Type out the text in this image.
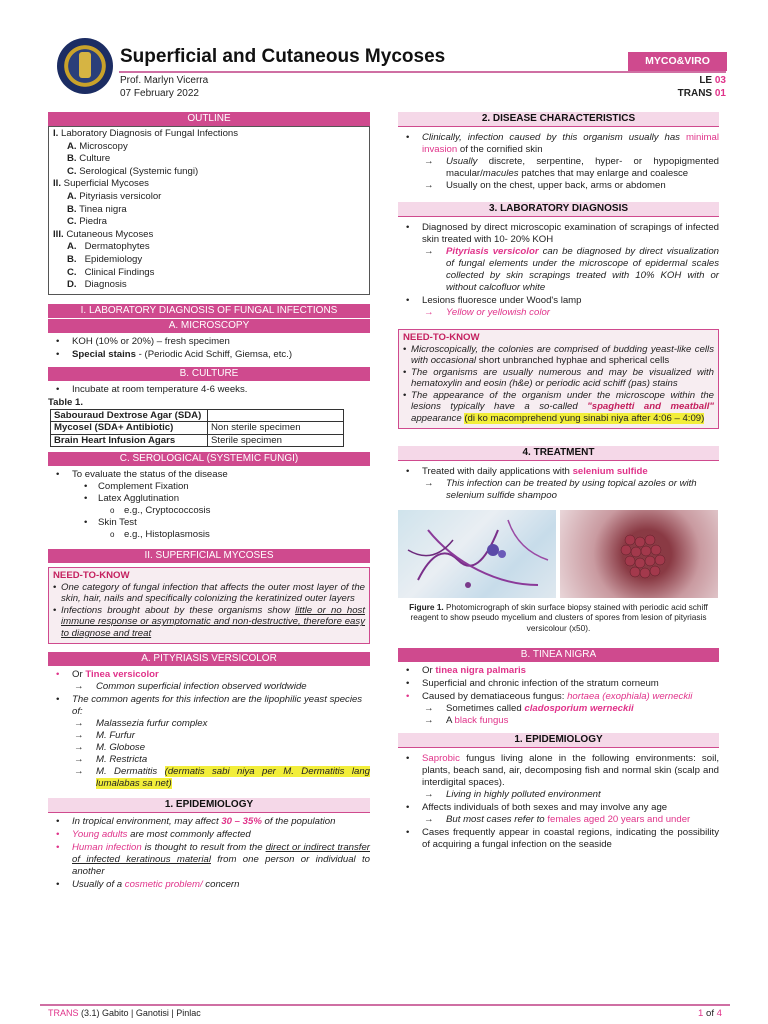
Superficial and Cutaneous Mycoses
Prof. Marlyn Vicerra
07 February 2022
MYCO&VIRO
LE 03
TRANS 01
OUTLINE
I. Laboratory Diagnosis of Fungal Infections
A. Microscopy
B. Culture
C. Serological (Systemic fungi)
II. Superficial Mycoses
A. Pityriasis versicolor
B. Tinea nigra
C. Piedra
III. Cutaneous Mycoses
A. Dermatophytes
B. Epidemiology
C. Clinical Findings
D. Diagnosis
I. LABORATORY DIAGNOSIS OF FUNGAL INFECTIONS
A. MICROSCOPY
• KOH (10% or 20%) – fresh specimen
• Special stains - (Periodic Acid Schiff, Giemsa, etc.)
B. CULTURE
• Incubate at room temperature 4-6 weeks.
Table 1.
Sabouraud Dextrose Agar (SDA)	
Mycosel (SDA+ Antibiotic)	Non sterile specimen
Brain Heart Infusion Agars	Sterile specimen
C. SEROLOGICAL (SYSTEMIC FUNGI)
• To evaluate the status of the disease
• Complement Fixation
• Latex Agglutination
o e.g., Cryptococcosis
• Skin Test
o e.g., Histoplasmosis
II. SUPERFICIAL MYCOSES
NEED-TO-KNOW
• One category of fungal infection that affects the outer most layer of the skin, hair, nails and specifically colonizing the keratinized outer layers
• Infections brought about by these organisms show little or no host immune response or asymptomatic and non-destructive, therefore easy to diagnose and treat
A. PITYRIASIS VERSICOLOR
• Or Tinea versicolor
→ Common superficial infection observed worldwide
• The common agents for this infection are the lipophilic yeast species of:
→ Malassezia furfur complex
→ M. Furfur
→ M. Globose
→ M. Restricta
→ M. Dermatitis (dermatis sabi niya per M. Dermatitis lang lumalabas sa net)
1. EPIDEMIOLOGY
• In tropical environment, may affect 30 – 35% of the population
• Young adults are most commonly affected
• Human infection is thought to result from the direct or indirect transfer of infected keratinous material from one person or individual to another
• Usually of a cosmetic problem/ concern
2. DISEASE CHARACTERISTICS
• Clinically, infection caused by this organism usually has minimal invasion of the cornified skin
→ Usually discrete, serpentine, hyper- or hypopigmented macular/macules patches that may enlarge and coalesce
→ Usually on the chest, upper back, arms or abdomen
3. LABORATORY DIAGNOSIS
• Diagnosed by direct microscopic examination of scrapings of infected skin treated with 10- 20% KOH
→ Pityriasis versicolor can be diagnosed by direct visualization of fungal elements under the microscope of epidermal scales collected by skin scrapings treated with 10% KOH with or without calcofluor white
• Lesions fluoresce under Wood's lamp
→ Yellow or yellowish color
NEED-TO-KNOW
• Microscopically, the colonies are comprised of budding yeast-like cells with occasional short unbranched hyphae and spherical cells
• The organisms are usually numerous and may be visualized with hematoxylin and eosin (h&e) or periodic acid schiff (pas) stains
• The appearance of the organism under the microscope within the lesions typically have a so-called "spaghetti and meatball" appearance (di ko macomprehend yung sinabi niya after 4:06 – 4:09)
4. TREATMENT
• Treated with daily applications with selenium sulfide
→ This infection can be treated by using topical azoles or with selenium sulfide shampoo
Figure 1. Photomicrograph of skin surface biopsy stained with periodic acid schiff reagent to show pseudo mycelium and clusters of spores from lesion of pityriasis versicolour (x50).
B. TINEA NIGRA
• Or tinea nigra palmaris
• Superficial and chronic infection of the stratum corneum
• Caused by dematiaceous fungus: hortaea (exophiala) werneckii
→ Sometimes called cladosporium werneckii
→ A black fungus
1. EPIDEMIOLOGY
• Saprobic fungus living alone in the following environments: soil, plants, beach sand, air, decomposing fish and normal skin (scalp and interdigital spaces).
→ Living in highly polluted environment
• Affects individuals of both sexes and may involve any age
→ But most cases refer to females aged 20 years and under
• Cases frequently appear in coastal regions, indicating the possibility of acquiring a fungal infection on the seaside
TRANS (3.1) Gabito | Ganotisi | Pinlac	1 of 4
